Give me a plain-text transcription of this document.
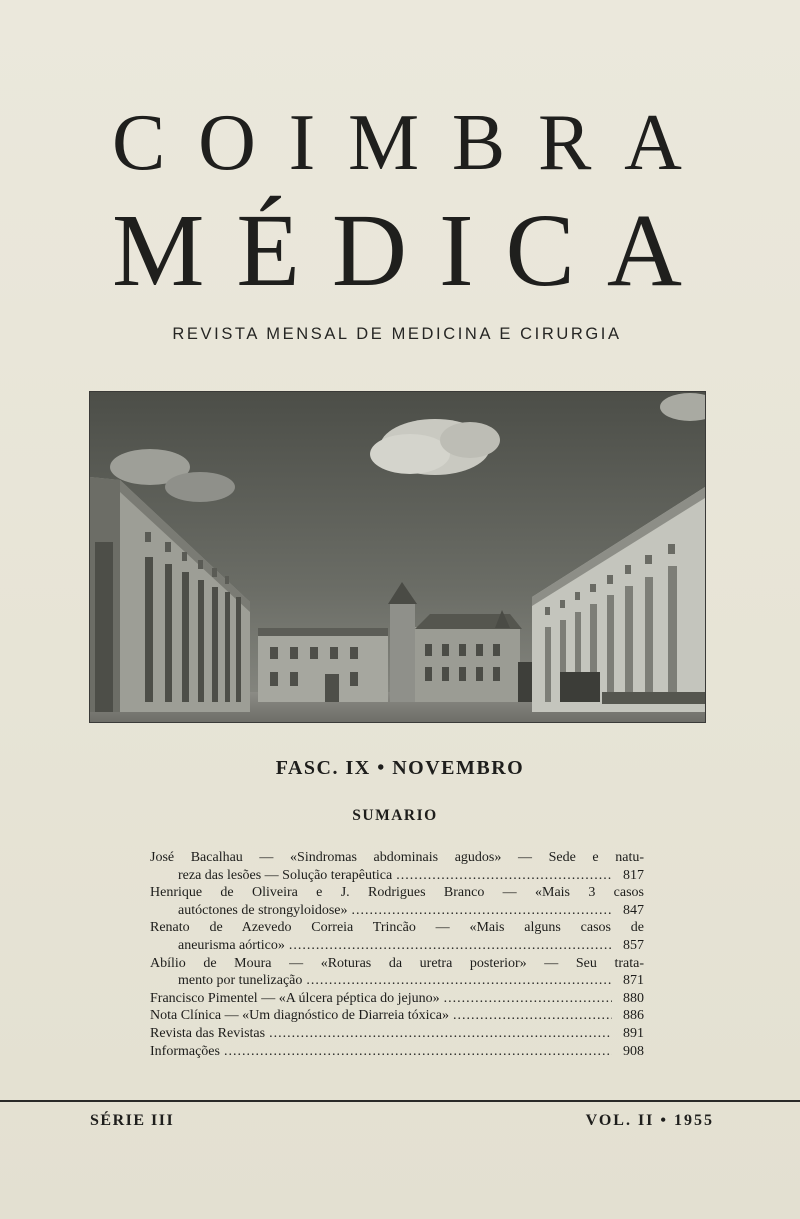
C O I M B R A
M É D I C A
REVISTA MENSAL DE MEDICINA E CIRURGIA
FASC. IX • NOVEMBRO
SUMARIO
José Bacalhau — «Sindromas abdominais agudos» — Sede e natu-
reza das lesões — Solução terapêutica .....	817
Henrique de Oliveira e J. Rodrigues Branco — «Mais 3 casos
autóctones de strongyloidose» .....	847
Renato de Azevedo Correia Trincão — «Mais alguns casos de
aneurisma aórtico» .....	857
Abílio de Moura — «Roturas da uretra posterior» — Seu trata-
mento por tunelização .....	871
Francisco Pimentel — «A úlcera péptica do jejuno» .....	880
Nota Clínica — «Um diagnóstico de Diarreia tóxica» .....	886
Revista das Revistas .....	891
Informações .....	908
SÉRIE III	VOL. II • 1955
